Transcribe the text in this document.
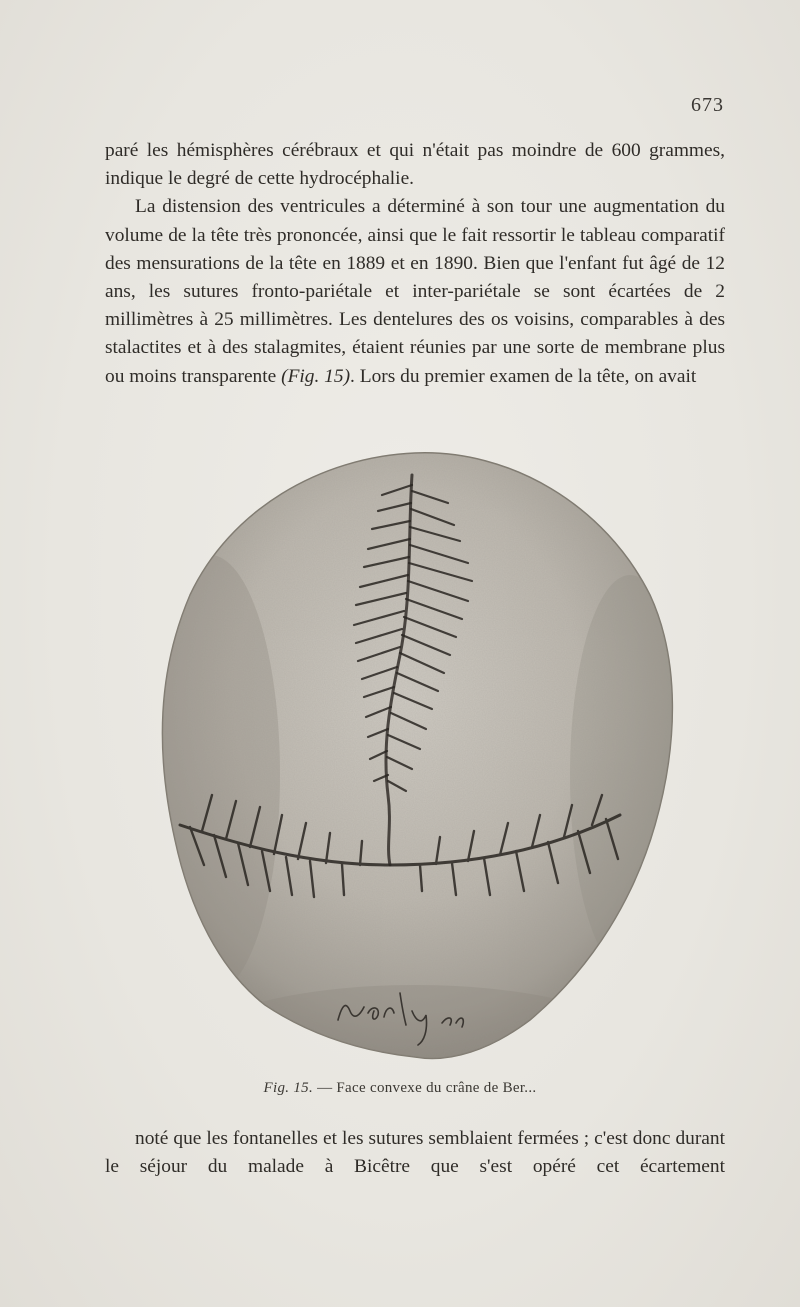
673

paré les hémisphères cérébraux et qui n'était pas moindre de 600 grammes, indique le degré de cette hydrocéphalie.

La distension des ventricules a déterminé à son tour une augmentation du volume de la tête très prononcée, ainsi que le fait ressortir le tableau comparatif des mensurations de la tête en 1889 et en 1890. Bien que l'enfant fut âgé de 12 ans, les sutures fronto-pariétale et inter-pariétale se sont écartées de 2 millimètres à 25 millimètres. Les dentelures des os voisins, comparables à des stalactites et à des stalagmites, étaient réunies par une sorte de membrane plus ou moins transparente (Fig. 15). Lors du premier examen de la tête, on avait

Fig. 15. — Face convexe du crâne de Ber...

noté que les fontanelles et les sutures semblaient fermées ; c'est donc durant le séjour du malade à Bicêtre que s'est opéré cet écartement
